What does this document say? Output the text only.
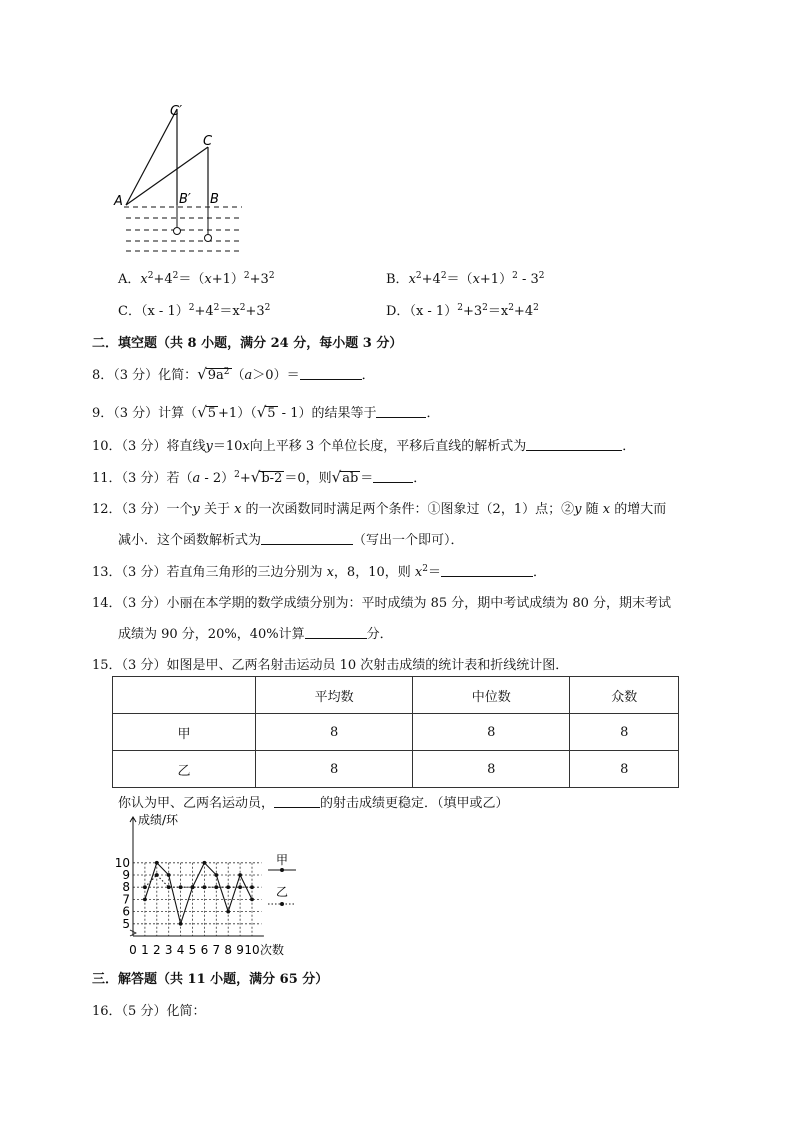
C′
C
A	B′ B
A．$x^2+4^2=(x+1)^2+3^2$	B．$x^2+4^2=(x+1)^2 - 3^2$
C．$(x - 1)^2+4^2=x^2+3^2$	D．$(x - 1)^2+3^2=x^2+4^2$
二．填空题（共 8 小题，满分 24 分，每小题 3 分）
8．（3 分）化简：$√9a^2$ （a＞0）＝	．
9．（3 分）计算（√5 +1）（√5 - 1）的结果等于	．
10．（3 分）将直线y＝10x向上平移 3 个单位长度，平移后直线的解析式为	．
11．（3 分）若（a - 2）$^2$+√b-2 ＝0，则√ab ＝	．
12．（3 分）一个y 关于 x 的一次函数同时满足两个条件：①图象过（2，1）点；②y 随 x 的增大而
减小．这个函数解析式为	（写出一个即可）．
13．（3 分）若直角三角形的三边分别为 x，8，10，则 $x^2=$	．
14．（3 分）小丽在本学期的数学成绩分别为：平时成绩为 85 分，期中考试成绩为 80 分，期末考试
成绩为 90 分，20%，40%计算	分．
15．（3 分）如图是甲、乙两名射击运动员 10 次射击成绩的统计表和折线统计图．
	平均数	中位数	众数
甲	8	8	8
乙	8	8	8
你认为甲、乙两名运动员，	的射击成绩更稳定．（填甲或乙）
5
6
7
8
9
10
0 1 2 3 4 5 6 7 8 9 10
成绩/环
次数
甲
乙
三．解答题（共 11 小题，满分 65 分）
16．（5 分）化简：
